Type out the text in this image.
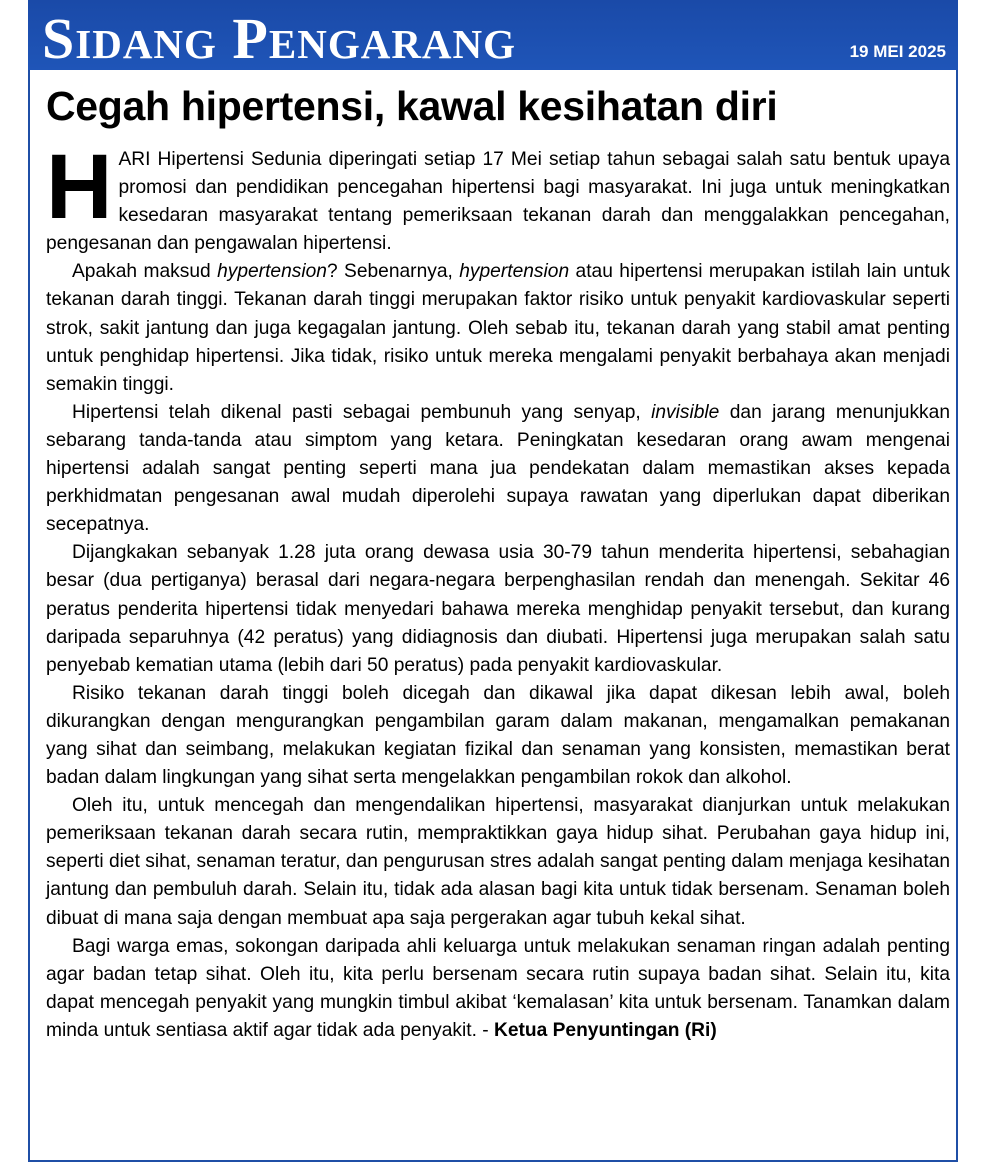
Sidang Pengarang	19 MEI 2025
Cegah hipertensi, kawal kesihatan diri

HARI Hipertensi Sedunia diperingati setiap 17 Mei setiap tahun sebagai salah satu bentuk upaya promosi dan pendidikan pencegahan hipertensi bagi masyarakat. Ini juga untuk meningkatkan kesedaran masyarakat tentang pemeriksaan tekanan darah dan menggalakkan pencegahan, pengesanan dan pengawalan hipertensi.

Apakah maksud hypertension? Sebenarnya, hypertension atau hipertensi merupakan istilah lain untuk tekanan darah tinggi. Tekanan darah tinggi merupakan faktor risiko untuk penyakit kardiovaskular seperti strok, sakit jantung dan juga kegagalan jantung. Oleh sebab itu, tekanan darah yang stabil amat penting untuk penghidap hipertensi. Jika tidak, risiko untuk mereka mengalami penyakit berbahaya akan menjadi semakin tinggi.

Hipertensi telah dikenal pasti sebagai pembunuh yang senyap, invisible dan jarang menunjukkan sebarang tanda-tanda atau simptom yang ketara. Peningkatan kesedaran orang awam mengenai hipertensi adalah sangat penting seperti mana jua pendekatan dalam memastikan akses kepada perkhidmatan pengesanan awal mudah diperolehi supaya rawatan yang diperlukan dapat diberikan secepatnya.

Dijangkakan sebanyak 1.28 juta orang dewasa usia 30-79 tahun menderita hipertensi, sebahagian besar (dua pertiganya) berasal dari negara-negara berpenghasilan rendah dan menengah. Sekitar 46 peratus penderita hipertensi tidak menyedari bahawa mereka menghidap penyakit tersebut, dan kurang daripada separuhnya (42 peratus) yang didiagnosis dan diubati. Hipertensi juga merupakan salah satu penyebab kematian utama (lebih dari 50 peratus) pada penyakit kardiovaskular.

Risiko tekanan darah tinggi boleh dicegah dan dikawal jika dapat dikesan lebih awal, boleh dikurangkan dengan mengurangkan pengambilan garam dalam makanan, mengamalkan pemakanan yang sihat dan seimbang, melakukan kegiatan fizikal dan senaman yang konsisten, memastikan berat badan dalam lingkungan yang sihat serta mengelakkan pengambilan rokok dan alkohol.

Oleh itu, untuk mencegah dan mengendalikan hipertensi, masyarakat dianjurkan untuk melakukan pemeriksaan tekanan darah secara rutin, mempraktikkan gaya hidup sihat. Perubahan gaya hidup ini, seperti diet sihat, senaman teratur, dan pengurusan stres adalah sangat penting dalam menjaga kesihatan jantung dan pembuluh darah. Selain itu, tidak ada alasan bagi kita untuk tidak bersenam. Senaman boleh dibuat di mana saja dengan membuat apa saja pergerakan agar tubuh kekal sihat.

Bagi warga emas, sokongan daripada ahli keluarga untuk melakukan senaman ringan adalah penting agar badan tetap sihat. Oleh itu, kita perlu bersenam secara rutin supaya badan sihat. Selain itu, kita dapat mencegah penyakit yang mungkin timbul akibat ‘kemalasan’ kita untuk bersenam. Tanamkan dalam minda untuk sentiasa aktif agar tidak ada penyakit. - Ketua Penyuntingan (Ri)
